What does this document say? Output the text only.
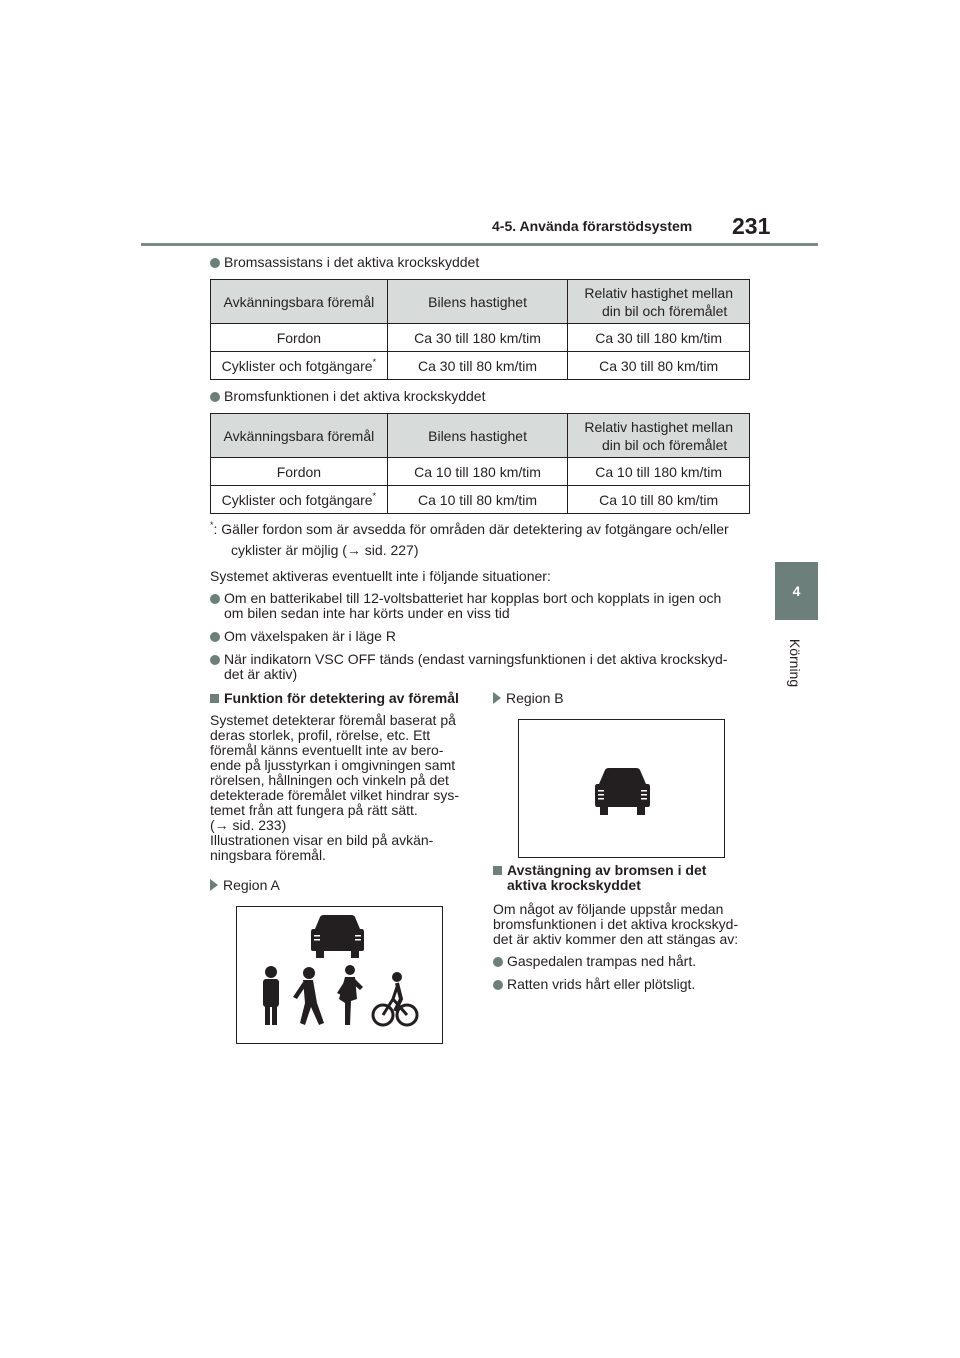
4-5. Använda förarstödsystem 231
4
Körning
Bromsassistans i det aktiva krockskyddet
Avkänningsbara föremål	Bilens hastighet	Relativ hastighet mellan
din bil och föremålet

Fordon	Ca 30 till 180 km/tim	Ca 30 till 180 km/tim
Cyklister och fotgängare*	Ca 30 till 80 km/tim	Ca 30 till 80 km/tim
Bromsfunktionen i det aktiva krockskyddet
Avkänningsbara föremål	Bilens hastighet	Relativ hastighet mellan
din bil och föremålet

Fordon	Ca 10 till 180 km/tim	Ca 10 till 180 km/tim
Cyklister och fotgängare*	Ca 10 till 80 km/tim	Ca 10 till 80 km/tim
*: Gäller fordon som är avsedda för områden där detektering av fotgängare och/eller
cyklister är möjlig (→ sid. 227)
Systemet aktiveras eventuellt inte i följande situationer:
Om en batterikabel till 12-voltsbatteriet har kopplas bort och kopplats in igen och
om bilen sedan inte har körts under en viss tid
Om växelspaken är i läge R
När indikatorn VSC OFF tänds (endast varningsfunktionen i det aktiva krockskyd-
det är aktiv)
Funktion för detektering av föremål
Systemet detekterar föremål baserat på
deras storlek, profil, rörelse, etc. Ett
föremål känns eventuellt inte av bero-
ende på ljusstyrkan i omgivningen samt
rörelsen, hållningen och vinkeln på det
detekterade föremålet vilket hindrar sys-
temet från att fungera på rätt sätt.
(→ sid. 233)
Illustrationen visar en bild på avkän-
ningsbara föremål.
Region A
Region B
Avstängning av bromsen i det
aktiva krockskyddet
Om något av följande uppstår medan
bromsfunktionen i det aktiva krockskyd-
det är aktiv kommer den att stängas av:
Gaspedalen trampas ned hårt.
Ratten vrids hårt eller plötsligt.
